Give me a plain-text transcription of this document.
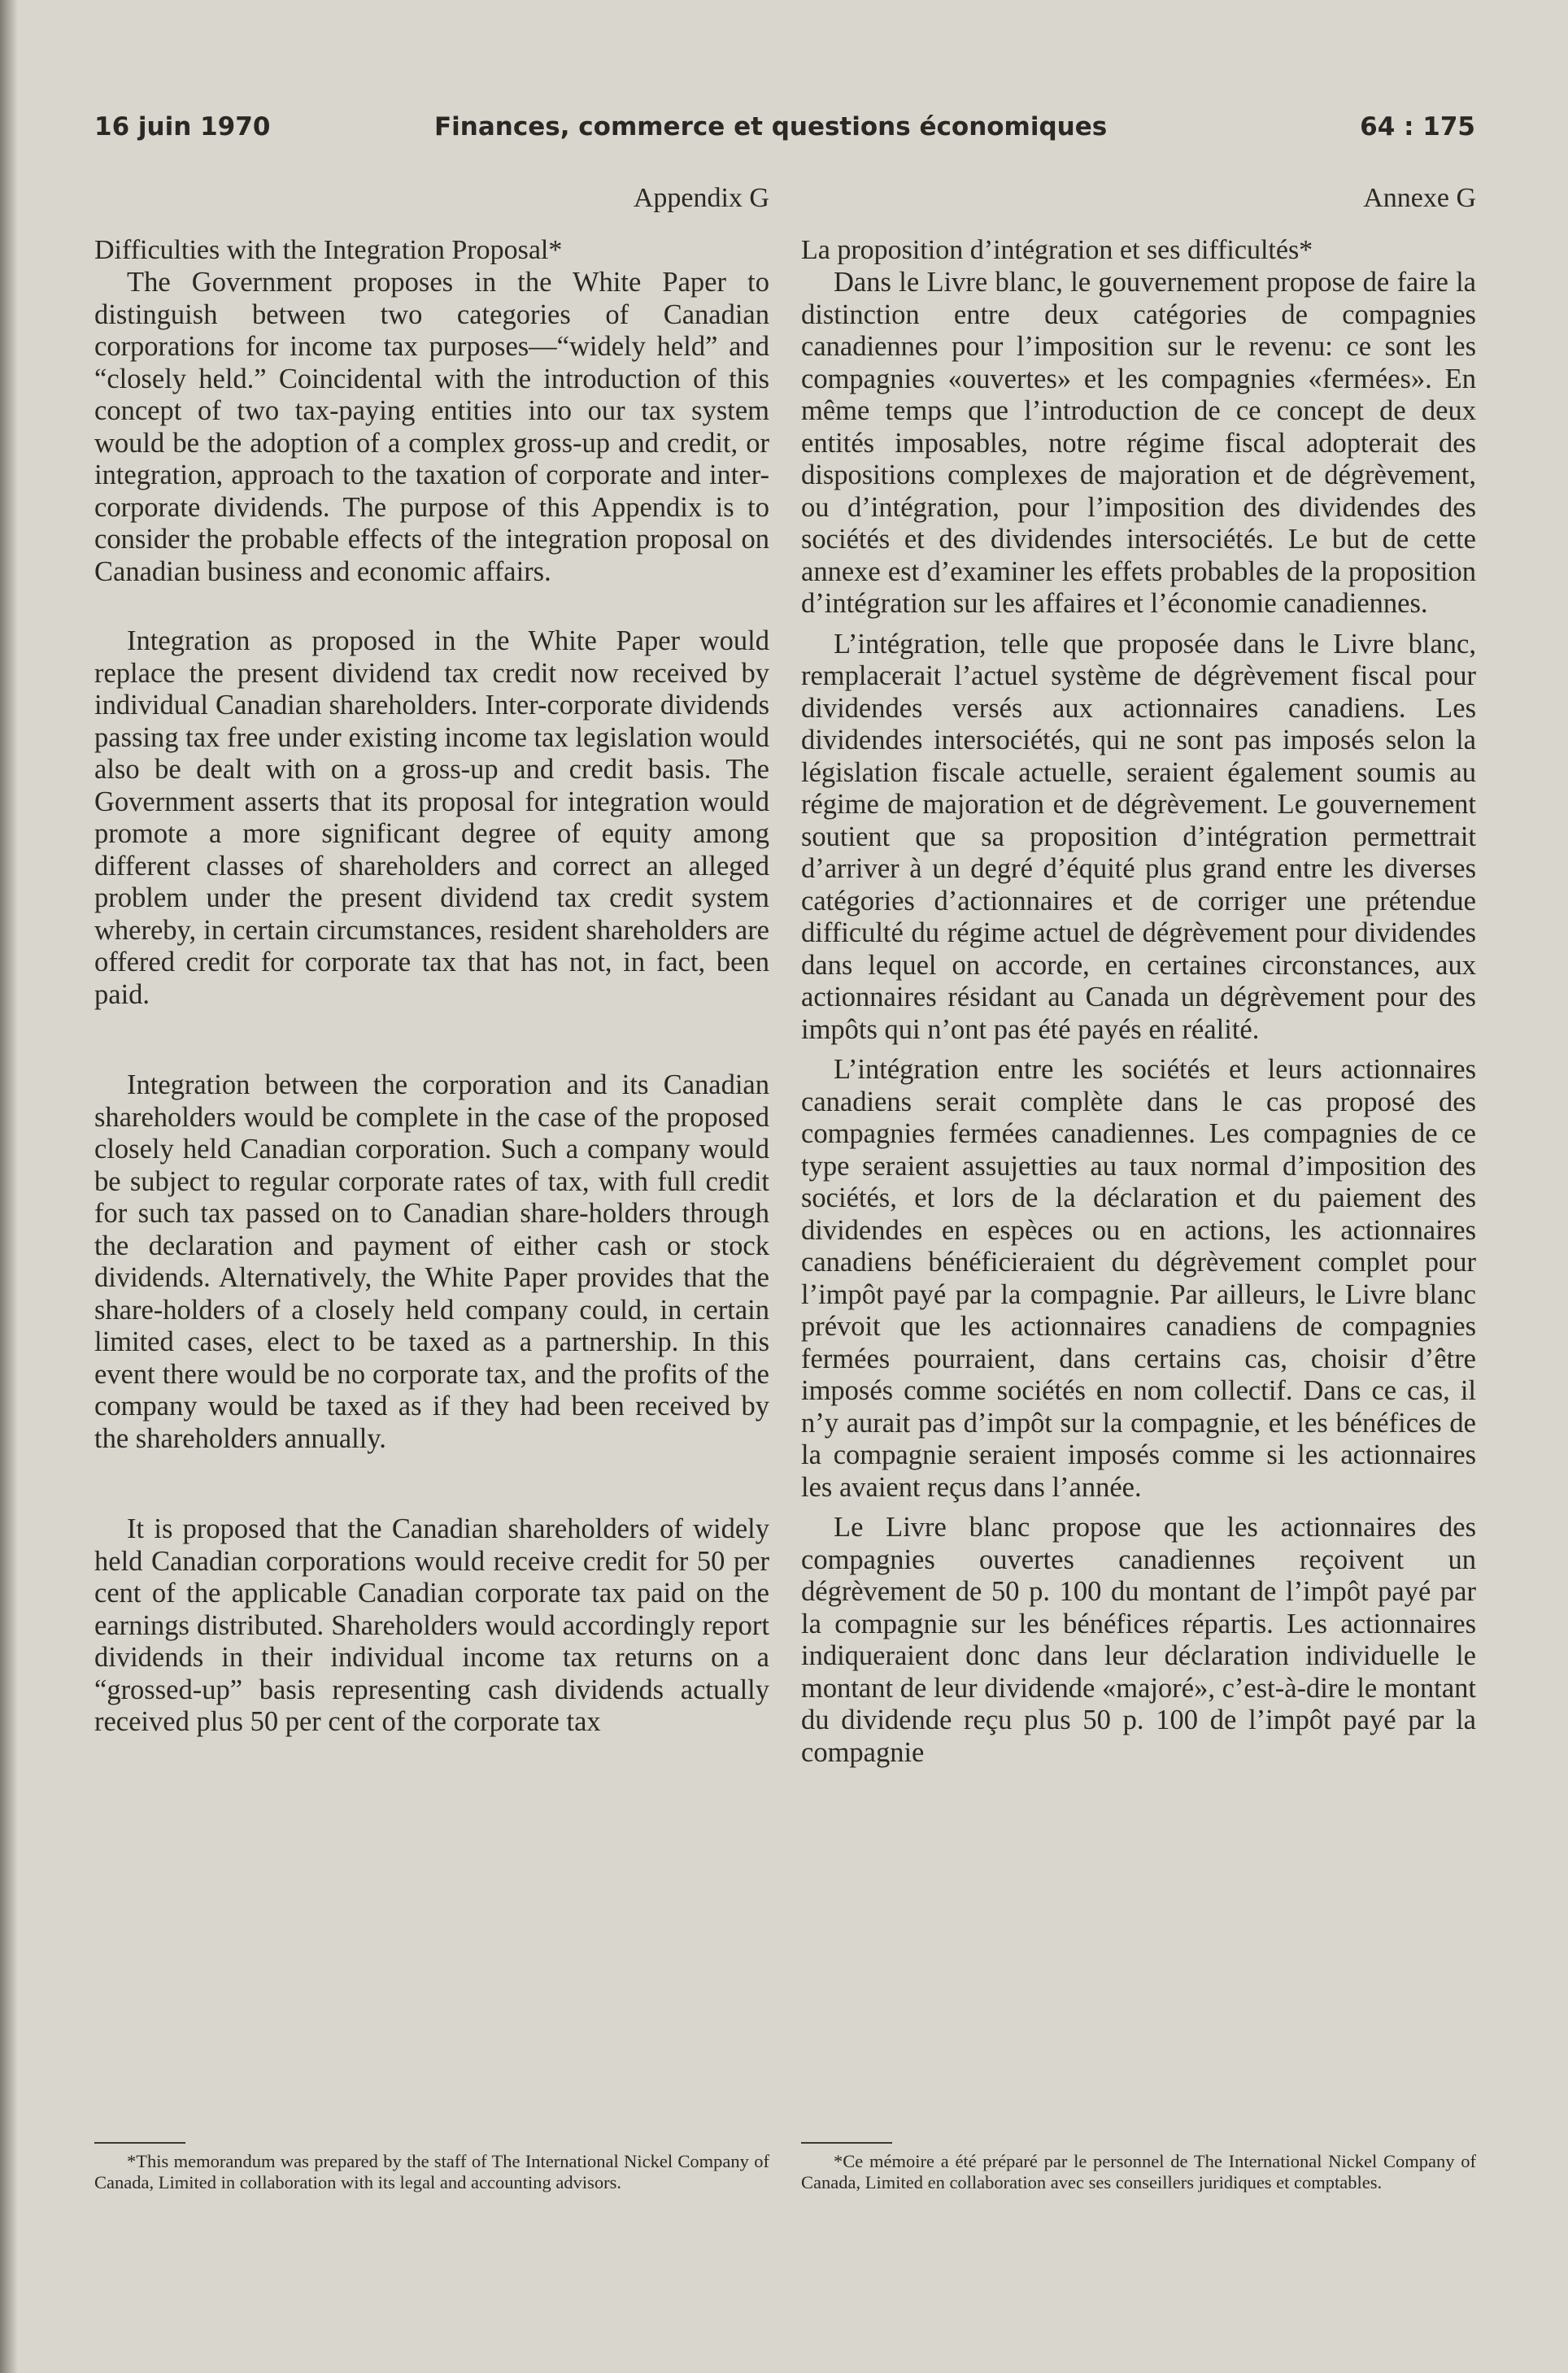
16 juin 1970	Finances, commerce et questions économiques	64 : 175
Appendix G
Difficulties with the Integration Proposal*

The Government proposes in the White Paper to distinguish between two categories of Canadian corporations for income tax purposes—“widely held” and “closely held.” Coincidental with the introduction of this concept of two tax-paying entities into our tax system would be the adoption of a complex gross-up and credit, or integration, approach to the taxation of corporate and inter-corporate dividends. The purpose of this Appendix is to consider the probable effects of the integration proposal on Canadian business and economic affairs.

Integration as proposed in the White Paper would replace the present dividend tax credit now received by individual Canadian shareholders. Inter-corporate dividends passing tax free under existing income tax legislation would also be dealt with on a gross-up and credit basis. The Government asserts that its proposal for integration would promote a more significant degree of equity among different classes of shareholders and correct an alleged problem under the present dividend tax credit system whereby, in certain circumstances, resident shareholders are offered credit for corporate tax that has not, in fact, been paid.

Integration between the corporation and its Canadian shareholders would be complete in the case of the proposed closely held Canadian corporation. Such a company would be subject to regular corporate rates of tax, with full credit for such tax passed on to Canadian share-holders through the declaration and payment of either cash or stock dividends. Alternatively, the White Paper provides that the share-holders of a closely held company could, in certain limited cases, elect to be taxed as a partnership. In this event there would be no corporate tax, and the profits of the company would be taxed as if they had been received by the shareholders annually.

It is proposed that the Canadian shareholders of widely held Canadian corporations would receive credit for 50 per cent of the applicable Canadian corporate tax paid on the earnings distributed. Shareholders would accordingly report dividends in their individual income tax returns on a “grossed-up” basis representing cash dividends actually received plus 50 per cent of the corporate tax

Annexe G
La proposition d’intégration et ses difficultés*

Dans le Livre blanc, le gouvernement propose de faire la distinction entre deux catégories de compagnies canadiennes pour l’imposition sur le revenu: ce sont les compagnies «ouvertes» et les compagnies «fermées». En même temps que l’introduction de ce concept de deux entités imposables, notre régime fiscal adopterait des dispositions complexes de majoration et de dégrèvement, ou d’intégration, pour l’imposition des dividendes des sociétés et des dividendes intersociétés. Le but de cette annexe est d’examiner les effets probables de la proposition d’intégration sur les affaires et l’économie canadiennes.

L’intégration, telle que proposée dans le Livre blanc, remplacerait l’actuel système de dégrèvement fiscal pour dividendes versés aux actionnaires canadiens. Les dividendes intersociétés, qui ne sont pas imposés selon la législation fiscale actuelle, seraient également soumis au régime de majoration et de dégrèvement. Le gouvernement soutient que sa proposition d’intégration permettrait d’arriver à un degré d’équité plus grand entre les diverses catégories d’actionnaires et de corriger une prétendue difficulté du régime actuel de dégrèvement pour dividendes dans lequel on accorde, en certaines circonstances, aux actionnaires résidant au Canada un dégrèvement pour des impôts qui n’ont pas été payés en réalité.

L’intégration entre les sociétés et leurs actionnaires canadiens serait complète dans le cas proposé des compagnies fermées canadiennes. Les compagnies de ce type seraient assujetties au taux normal d’imposition des sociétés, et lors de la déclaration et du paiement des dividendes en espèces ou en actions, les actionnaires canadiens bénéficieraient du dégrèvement complet pour l’impôt payé par la compagnie. Par ailleurs, le Livre blanc prévoit que les actionnaires canadiens de compagnies fermées pourraient, dans certains cas, choisir d’être imposés comme sociétés en nom collectif. Dans ce cas, il n’y aurait pas d’impôt sur la compagnie, et les bénéfices de la compagnie seraient imposés comme si les actionnaires les avaient reçus dans l’année.

Le Livre blanc propose que les actionnaires des compagnies ouvertes canadiennes reçoivent un dégrèvement de 50 p. 100 du montant de l’impôt payé par la compagnie sur les bénéfices répartis. Les actionnaires indiqueraient donc dans leur déclaration individuelle le montant de leur dividende «majoré», c’est-à-dire le montant du dividende reçu plus 50 p. 100 de l’impôt payé par la compagnie

*This memorandum was prepared by the staff of The International Nickel Company of Canada, Limited in collaboration with its legal and accounting advisors.
*Ce mémoire a été préparé par le personnel de The International Nickel Company of Canada, Limited en collaboration avec ses conseillers juridiques et comptables.
